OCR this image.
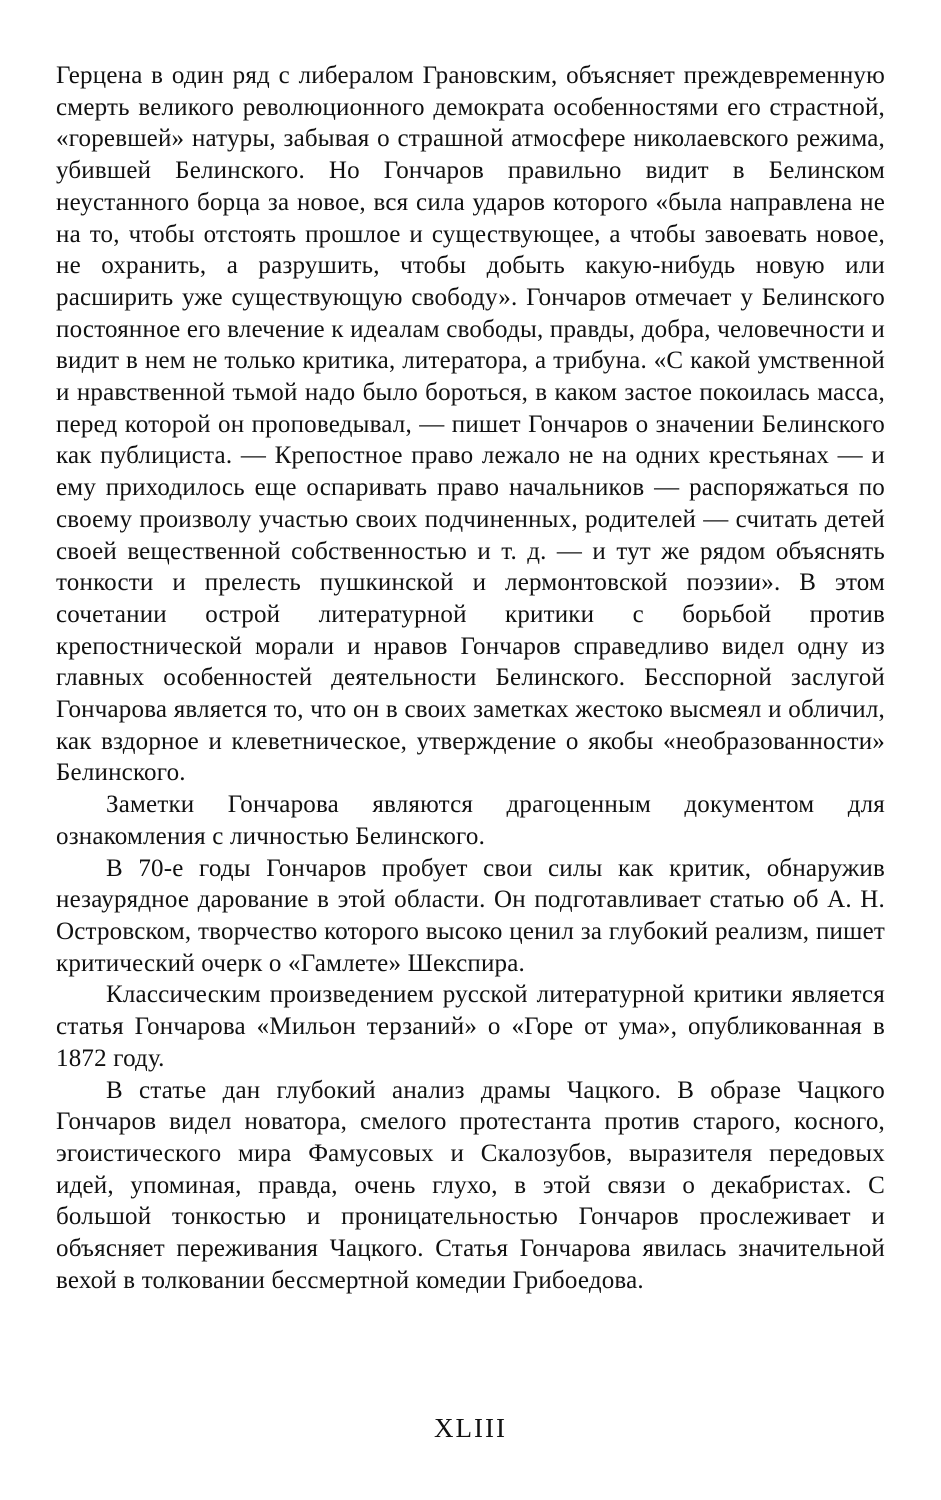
Герцена в один ряд с либералом Грановским, объясняет преждевременную смерть великого революционного демократа особенностями его страстной, «горевшей» натуры, забывая о страшной атмосфере николаевского режима, убившей Белинского. Но Гончаров правильно видит в Белинском неустанного борца за новое, вся сила ударов которого «была направлена не на то, чтобы отстоять прошлое и существующее, а чтобы завоевать новое, не охранить, а разрушить, чтобы добыть какую-нибудь новую или расширить уже существующую свободу». Гончаров отмечает у Белинского постоянное его влечение к идеалам свободы, правды, добра, человечности и видит в нем не только критика, литератора, а трибуна. «С какой умственной и нравственной тьмой надо было бороться, в каком застое покоилась масса, перед которой он проповедывал, — пишет Гончаров о значении Белинского как публициста. — Крепостное право лежало не на одних крестьянах — и ему приходилось еще оспаривать право начальников — распоряжаться по своему произволу участью своих подчиненных, родителей — считать детей своей вещественной собственностью и т. д. — и тут же рядом объяснять тонкости и прелесть пушкинской и лермонтовской поэзии». В этом сочетании острой литературной критики с борьбой против крепостнической морали и нравов Гончаров справедливо видел одну из главных особенностей деятельности Белинского. Бесспорной заслугой Гончарова является то, что он в своих заметках жестоко высмеял и обличил, как вздорное и клеветническое, утверждение о якобы «необразованности» Белинского.

Заметки Гончарова являются драгоценным документом для ознакомления с личностью Белинского.

В 70-е годы Гончаров пробует свои силы как критик, обнаружив незаурядное дарование в этой области. Он подготавливает статью об А. Н. Островском, творчество которого высоко ценил за глубокий реализм, пишет критический очерк о «Гамлете» Шекспира.

Классическим произведением русской литературной критики является статья Гончарова «Мильон терзаний» о «Горе от ума», опубликованная в 1872 году.

В статье дан глубокий анализ драмы Чацкого. В образе Чацкого Гончаров видел новатора, смелого протестанта против старого, косного, эгоистического мира Фамусовых и Скалозубов, выразителя передовых идей, упоминая, правда, очень глухо, в этой связи о декабристах. С большой тонкостью и проницательностью Гончаров прослеживает и объясняет переживания Чацкого. Статья Гончарова явилась значительной вехой в толковании бессмертной комедии Грибоедова.

XLIII
